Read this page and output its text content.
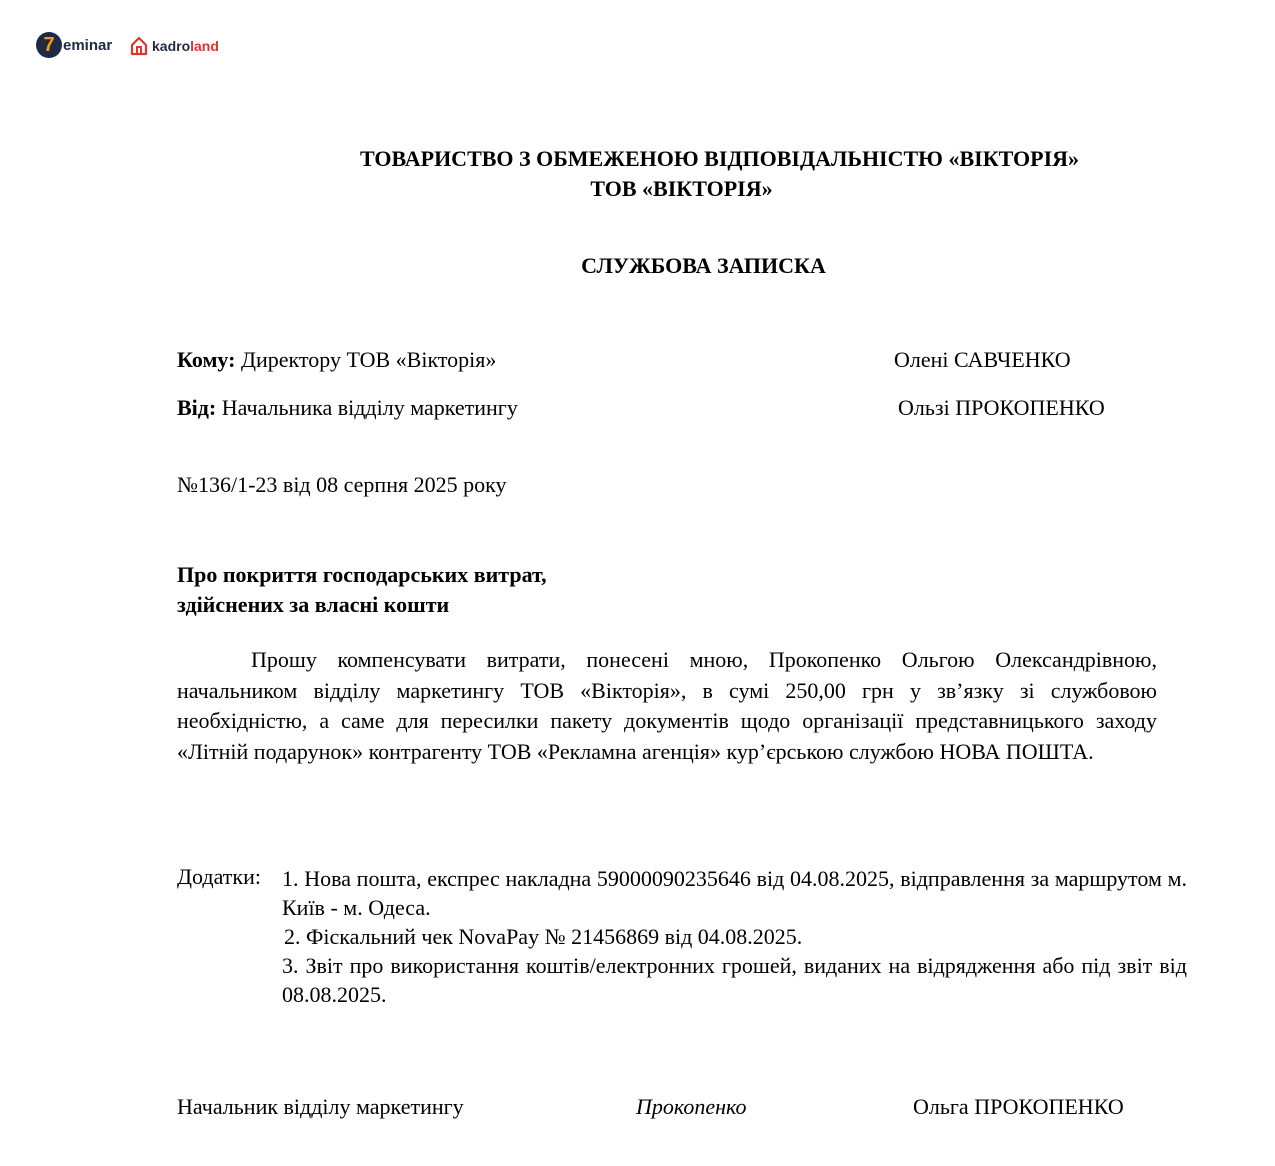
7 eminar	kadro land
ТОВАРИСТВО З ОБМЕЖЕНОЮ ВІДПОВІДАЛЬНІСТЮ «ВІКТОРІЯ»
ТОВ «ВІКТОРІЯ»
СЛУЖБОВА ЗАПИСКА
Кому: Директору ТОВ «Вікторія»	Олені САВЧЕНКО
Від: Начальника відділу маркетингу	Ользі ПРОКОПЕНКО
№136/1-23 від 08 серпня 2025 року
Про покриття господарських витрат,
здійснених за власні кошти
Прошу компенсувати витрати, понесені мною, Прокопенко Ольгою Олександрівною, начальником відділу маркетингу ТОВ «Вікторія», в сумі 250,00 грн у зв’язку зі службовою необхідністю, а саме для пересилки пакету документів щодо організації представницького заходу «Літній подарунок» контрагенту ТОВ «Рекламна агенція» кур’єрською службою НОВА ПОШТА.
Додатки: 1. Нова пошта, експрес накладна 59000090235646 від 04.08.2025, відправлення за маршрутом м. Київ - м. Одеса.
2. Фіскальний чек NovaPay № 21456869 від 04.08.2025.
3. Звіт про використання коштів/електронних грошей, виданих на відрядження або під звіт від 08.08.2025.
Начальник відділу маркетингу	Прокопенко	Ольга ПРОКОПЕНКО
